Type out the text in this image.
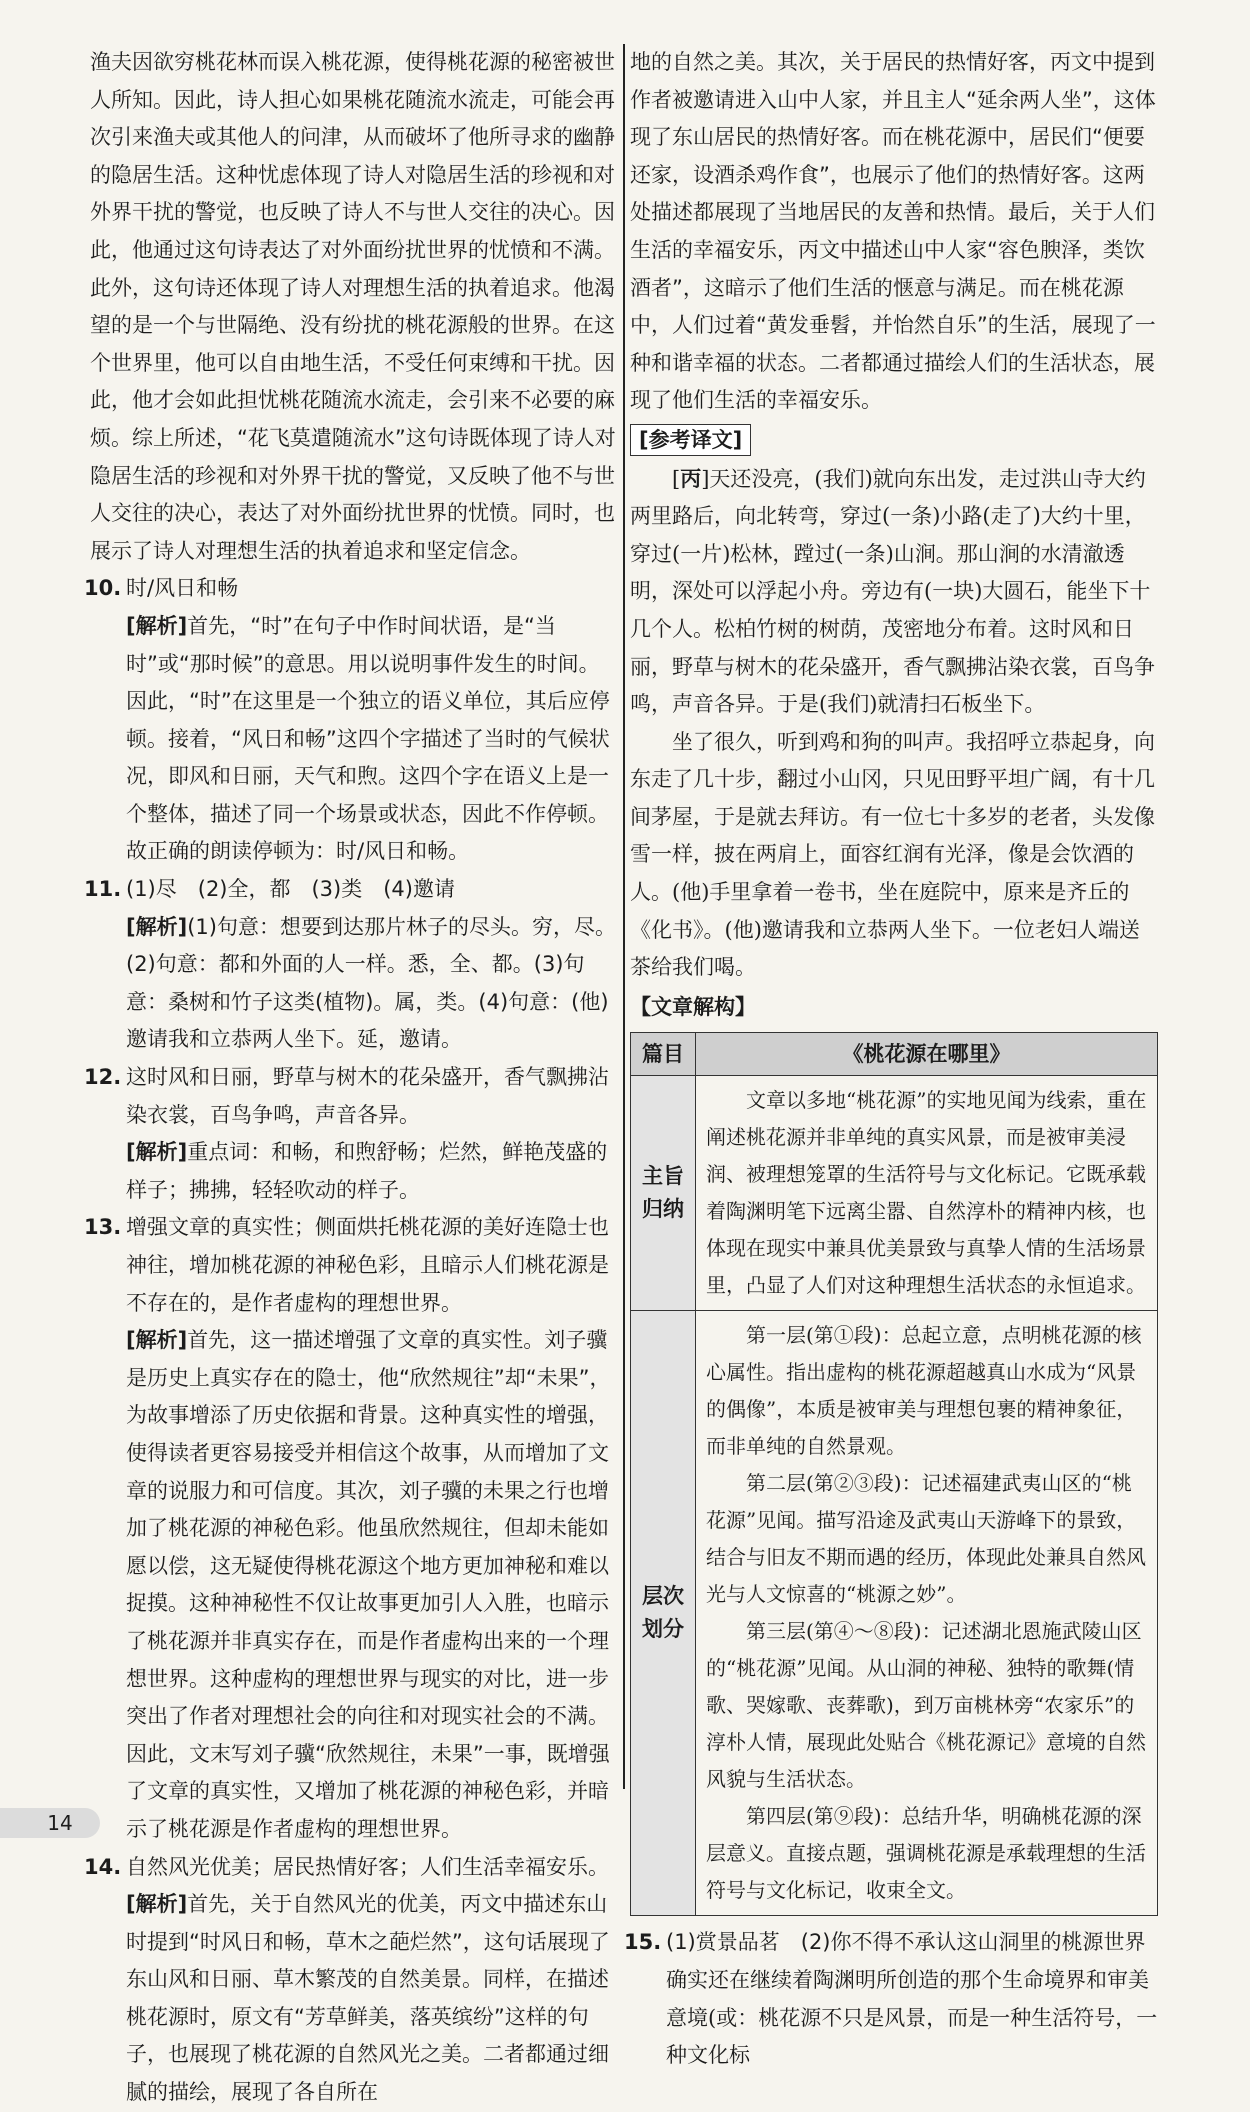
渔夫因欲穷桃花林而误入桃花源，使得桃花源的秘密被世人所知。因此，诗人担心如果桃花随流水流走，可能会再次引来渔夫或其他人的问津，从而破坏了他所寻求的幽静的隐居生活。这种忧虑体现了诗人对隐居生活的珍视和对外界干扰的警觉，也反映了诗人不与世人交往的决心。因此，他通过这句诗表达了对外面纷扰世界的忧愤和不满。此外，这句诗还体现了诗人对理想生活的执着追求。他渴望的是一个与世隔绝、没有纷扰的桃花源般的世界。在这个世界里，他可以自由地生活，不受任何束缚和干扰。因此，他才会如此担忧桃花随流水流走，会引来不必要的麻烦。综上所述，“花飞莫遣随流水”这句诗既体现了诗人对隐居生活的珍视和对外界干扰的警觉，又反映了他不与世人交往的决心，表达了对外面纷扰世界的忧愤。同时，也展示了诗人对理想生活的执着追求和坚定信念。

10. 时/风日和畅

[解析]首先，“时”在句子中作时间状语，是“当时”或“那时候”的意思。用以说明事件发生的时间。因此，“时”在这里是一个独立的语义单位，其后应停顿。接着，“风日和畅”这四个字描述了当时的气候状况，即风和日丽，天气和煦。这四个字在语义上是一个整体，描述了同一个场景或状态，因此不作停顿。故正确的朗读停顿为：时/风日和畅。

11. (1)尽　(2)全，都　(3)类　(4)邀请

[解析](1)句意：想要到达那片林子的尽头。穷，尽。(2)句意：都和外面的人一样。悉，全、都。(3)句意：桑树和竹子这类(植物)。属，类。(4)句意：(他)邀请我和立恭两人坐下。延，邀请。

12. 这时风和日丽，野草与树木的花朵盛开，香气飘拂沾染衣裳，百鸟争鸣，声音各异。

[解析]重点词：和畅，和煦舒畅；烂然，鲜艳茂盛的样子；拂拂，轻轻吹动的样子。

13. 增强文章的真实性；侧面烘托桃花源的美好连隐士也神往，增加桃花源的神秘色彩，且暗示人们桃花源是不存在的，是作者虚构的理想世界。

[解析]首先，这一描述增强了文章的真实性。刘子骥是历史上真实存在的隐士，他“欣然规往”却“未果”，为故事增添了历史依据和背景。这种真实性的增强，使得读者更容易接受并相信这个故事，从而增加了文章的说服力和可信度。其次，刘子骥的未果之行也增加了桃花源的神秘色彩。他虽欣然规往，但却未能如愿以偿，这无疑使得桃花源这个地方更加神秘和难以捉摸。这种神秘性不仅让故事更加引人入胜，也暗示了桃花源并非真实存在，而是作者虚构出来的一个理想世界。这种虚构的理想世界与现实的对比，进一步突出了作者对理想社会的向往和对现实社会的不满。因此，文末写刘子骥“欣然规往，未果”一事，既增强了文章的真实性，又增加了桃花源的神秘色彩，并暗示了桃花源是作者虚构的理想世界。

14. 自然风光优美；居民热情好客；人们生活幸福安乐。

[解析]首先，关于自然风光的优美，丙文中描述东山时提到“时风日和畅，草木之葩烂然”，这句话展现了东山风和日丽、草木繁茂的自然美景。同样，在描述桃花源时，原文有“芳草鲜美，落英缤纷”这样的句子，也展现了桃花源的自然风光之美。二者都通过细腻的描绘，展现了各自所在

地的自然之美。其次，关于居民的热情好客，丙文中提到作者被邀请进入山中人家，并且主人“延余两人坐”，这体现了东山居民的热情好客。而在桃花源中，居民们“便要还家，设酒杀鸡作食”，也展示了他们的热情好客。这两处描述都展现了当地居民的友善和热情。最后，关于人们生活的幸福安乐，丙文中描述山中人家“容色腴泽，类饮酒者”，这暗示了他们生活的惬意与满足。而在桃花源中，人们过着“黄发垂髫，并怡然自乐”的生活，展现了一种和谐幸福的状态。二者都通过描绘人们的生活状态，展现了他们生活的幸福安乐。

[参考译文]

[丙]天还没亮，(我们)就向东出发，走过洪山寺大约两里路后，向北转弯，穿过(一条)小路(走了)大约十里，穿过(一片)松林，蹚过(一条)山涧。那山涧的水清澈透明，深处可以浮起小舟。旁边有(一块)大圆石，能坐下十几个人。松柏竹树的树荫，茂密地分布着。这时风和日丽，野草与树木的花朵盛开，香气飘拂沾染衣裳，百鸟争鸣，声音各异。于是(我们)就清扫石板坐下。

坐了很久，听到鸡和狗的叫声。我招呼立恭起身，向东走了几十步，翻过小山冈，只见田野平坦广阔，有十几间茅屋，于是就去拜访。有一位七十多岁的老者，头发像雪一样，披在两肩上，面容红润有光泽，像是会饮酒的人。(他)手里拿着一卷书，坐在庭院中，原来是齐丘的《化书》。(他)邀请我和立恭两人坐下。一位老妇人端送茶给我们喝。

【文章解构】
篇目	《桃花源在哪里》
主旨归纳	文章以多地“桃花源”的实地见闻为线索，重在阐述桃花源并非单纯的真实风景，而是被审美浸润、被理想笼罩的生活符号与文化标记。它既承载着陶渊明笔下远离尘嚣、自然淳朴的精神内核，也体现在现实中兼具优美景致与真挚人情的生活场景里，凸显了人们对这种理想生活状态的永恒追求。

层次划分	第一层(第①段)：总起立意，点明桃花源的核心属性。指出虚构的桃花源超越真山水成为“风景的偶像”，本质是被审美与理想包裹的精神象征，而非单纯的自然景观。

第二层(第②③段)：记述福建武夷山区的“桃花源”见闻。描写沿途及武夷山天游峰下的景致，结合与旧友不期而遇的经历，体现此处兼具自然风光与人文惊喜的“桃源之妙”。

第三层(第④～⑧段)：记述湖北恩施武陵山区的“桃花源”见闻。从山洞的神秘、独特的歌舞(情歌、哭嫁歌、丧葬歌)，到万亩桃林旁“农家乐”的淳朴人情，展现此处贴合《桃花源记》意境的自然风貌与生活状态。

第四层(第⑨段)：总结升华，明确桃花源的深层意义。直接点题，强调桃花源是承载理想的生活符号与文化标记，收束全文。

15. (1)赏景品茗　(2)你不得不承认这山洞里的桃源世界确实还在继续着陶渊明所创造的那个生命境界和审美意境(或：桃花源不只是风景，而是一种生活符号，一种文化标

14
